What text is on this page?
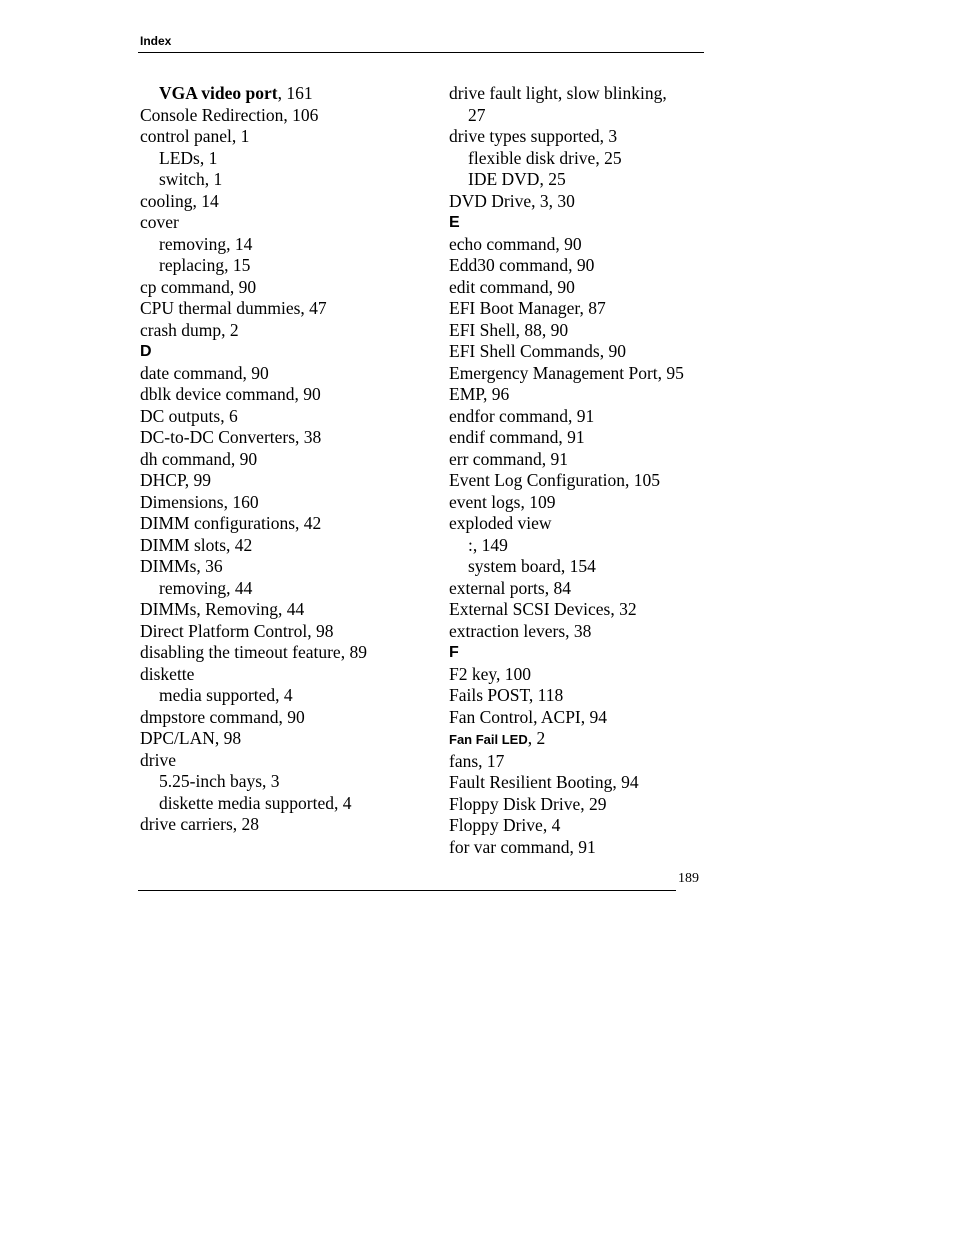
Index
VGA video port, 161
Console Redirection, 106
control panel, 1
LEDs, 1
switch, 1
cooling, 14
cover
removing, 14
replacing, 15
cp command, 90
CPU thermal dummies, 47
crash dump, 2
D
date command, 90
dblk device command, 90
DC outputs, 6
DC-to-DC Converters, 38
dh command, 90
DHCP, 99
Dimensions, 160
DIMM configurations, 42
DIMM slots, 42
DIMMs, 36
removing, 44
DIMMs, Removing, 44
Direct Platform Control, 98
disabling the timeout feature, 89
diskette
media supported, 4
dmpstore command, 90
DPC/LAN, 98
drive
5.25-inch bays, 3
diskette media supported, 4
drive carriers, 28
drive fault light, slow blinking,
27
drive types supported, 3
flexible disk drive, 25
IDE DVD, 25
DVD Drive, 3, 30
E
echo command, 90
Edd30 command, 90
edit command, 90
EFI Boot Manager, 87
EFI Shell, 88, 90
EFI Shell Commands, 90
Emergency Management Port, 95
EMP, 96
endfor command, 91
endif command, 91
err command, 91
Event Log Configuration, 105
event logs, 109
exploded view
:, 149
system board, 154
external ports, 84
External SCSI Devices, 32
extraction levers, 38
F
F2 key, 100
Fails POST, 118
Fan Control, ACPI, 94
Fan Fail LED, 2
fans, 17
Fault Resilient Booting, 94
Floppy Disk Drive, 29
Floppy Drive, 4
for var command, 91
189
